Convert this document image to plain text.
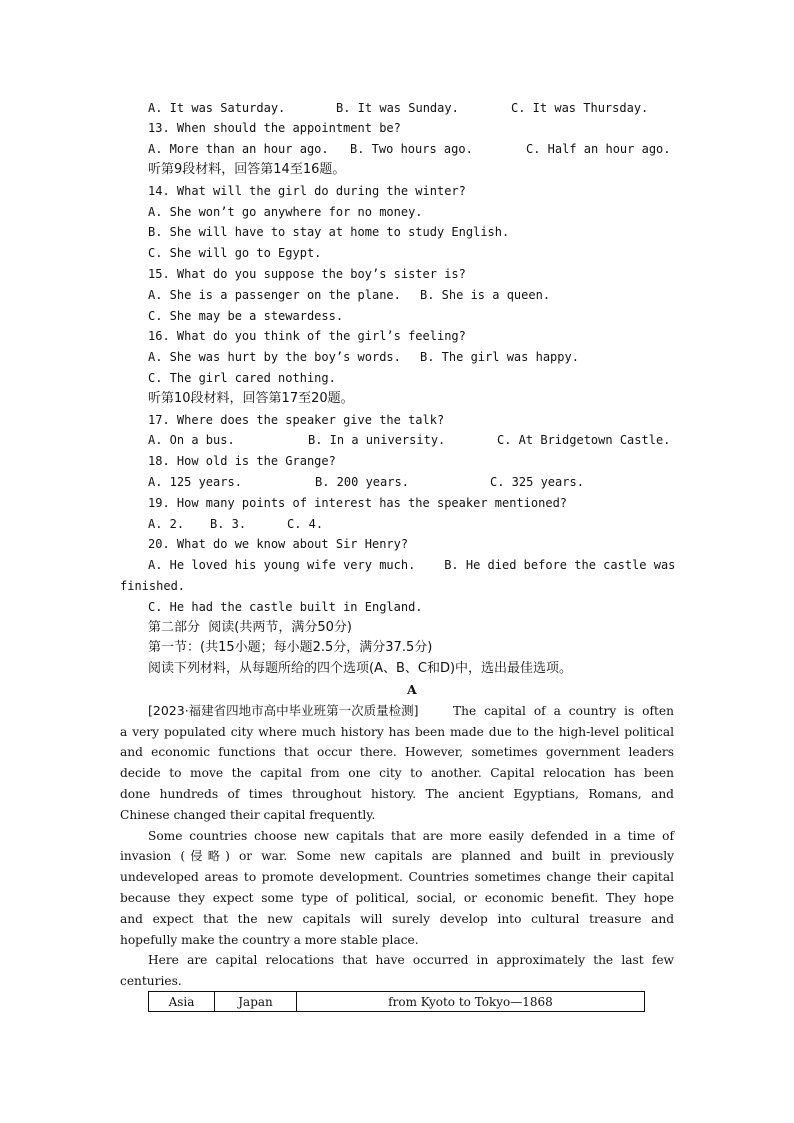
A. It was Saturday.	B. It was Sunday.	C. It was Thursday.
13. When should the appointment be?
A. More than an hour ago. B. Two hours ago.	C. Half an hour ago.
听第9段材料，回答第14至16题。
14. What will the girl do during the winter?
A. She won’t go anywhere for no money.
B. She will have to stay at home to study English.
C. She will go to Egypt.
15. What do you suppose the boy’s sister is?
A. She is a passenger on the plane. B. She is a queen.
C. She may be a stewardess.
16. What do you think of the girl’s feeling?
A. She was hurt by the boy’s words. B. The girl was happy.
C. The girl cared nothing.
听第10段材料，回答第17至20题。
17. Where does the speaker give the talk?
A. On a bus.	B. In a university.	C. At Bridgetown Castle.
18. How old is the Grange?
A. 125 years.	B. 200 years.	C. 325 years.
19. How many points of interest has the speaker mentioned?
A. 2. B. 3.	C. 4.
20. What do we know about Sir Henry?
A. He loved his young wife very much.    B. He died before the castle was
finished.
C. He had the castle built in England.
第二部分  阅读(共两节，满分50分)
第一节：(共15小题；每小题2.5分，满分37.5分)
阅读下列材料，从每题所给的四个选项(A、B、C和D)中，选出最佳选项。
A
[2023·福建省四地市高中毕业班第一次质量检测]	The capital of a country is often
a very populated city where much history has been made due to the high-level political
and economic functions that occur there. However, sometimes government leaders
decide to move the capital from one city to another. Capital relocation has been
done hundreds of times throughout history. The ancient Egyptians, Romans, and
Chinese changed their capital frequently.
Some countries choose new capitals that are more easily defended in a time of
invasion (侵略) or war. Some new capitals are planned and built in previously
undeveloped areas to promote development. Countries sometimes change their capital
because they expect some type of political, social, or economic benefit. They hope
and expect that the new capitals will surely develop into cultural treasure and
hopefully make the country a more stable place.
Here are capital relocations that have occurred in approximately the last few
centuries.
Asia	Japan	from Kyoto to Tokyo—1868
